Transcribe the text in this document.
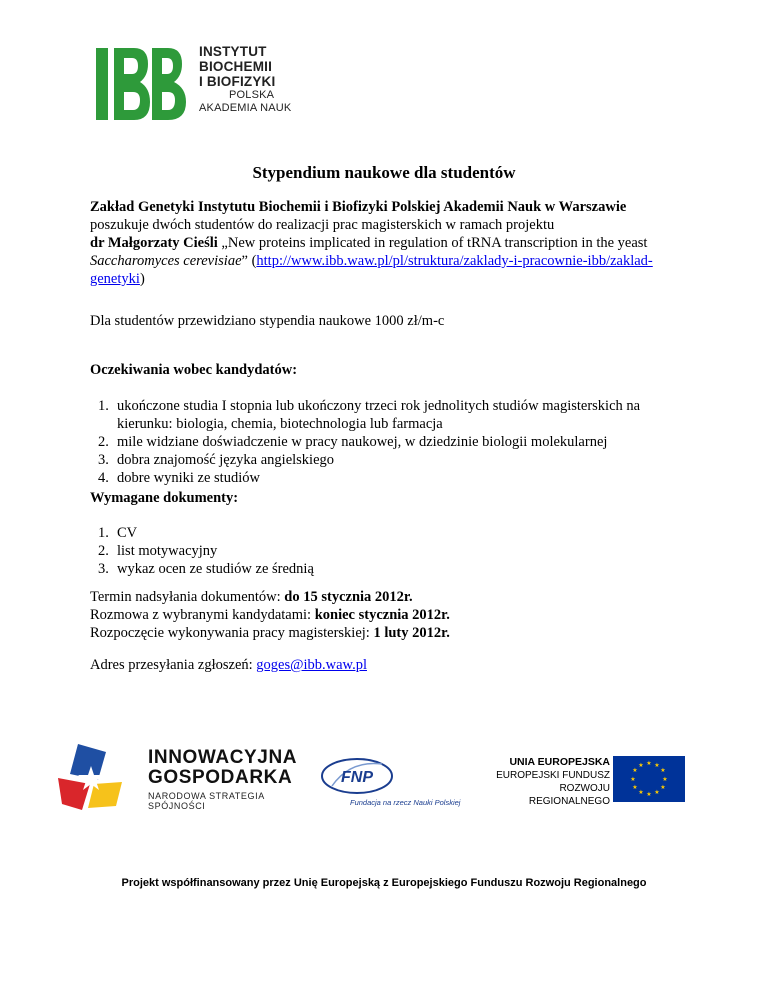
INSTYTUT
BIOCHEMII
I BIOFIZYKI
POLSKA
AKADEMIA NAUK
Stypendium naukowe dla studentów
Zakład Genetyki Instytutu Biochemii i Biofizyki Polskiej Akademii Nauk w Warszawie
poszukuje dwóch studentów do realizacji prac magisterskich w ramach projektu
dr Małgorzaty Cieśli „New proteins implicated in regulation of tRNA transcription in the yeast Saccharomyces cerevisiae” (http://www.ibb.waw.pl/pl/struktura/zaklady-i-pracownie-ibb/zaklad-genetyki)
Dla studentów przewidziano stypendia naukowe 1000 zł/m-c
Oczekiwania wobec kandydatów:
1. ukończone studia I stopnia lub ukończony trzeci rok jednolitych studiów magisterskich na kierunku: biologia, chemia, biotechnologia lub farmacja
2. mile widziane doświadczenie w pracy naukowej, w dziedzinie biologii molekularnej
3. dobra znajomość języka angielskiego
4. dobre wyniki ze studiów
Wymagane dokumenty:
1. CV
2. list motywacyjny
3. wykaz ocen ze studiów ze średnią
Termin nadsyłania dokumentów: do 15 stycznia 2012r.
Rozmowa z wybranymi kandydatami: koniec stycznia 2012r.
Rozpoczęcie wykonywania pracy magisterskiej: 1 luty 2012r.
Adres przesyłania zgłoszeń: goges@ibb.waw.pl
INNOWACYJNA
GOSPODARKA
NARODOWA STRATEGIA SPÓJNOŚCI
FNP
Fundacja na rzecz Nauki Polskiej
UNIA EUROPEJSKA
EUROPEJSKI FUNDUSZ
ROZWOJU REGIONALNEGO
★ ★
★
★
★
★
★
★
★
★
★
★
Projekt współfinansowany przez Unię Europejską z Europejskiego Funduszu Rozwoju Regionalnego
